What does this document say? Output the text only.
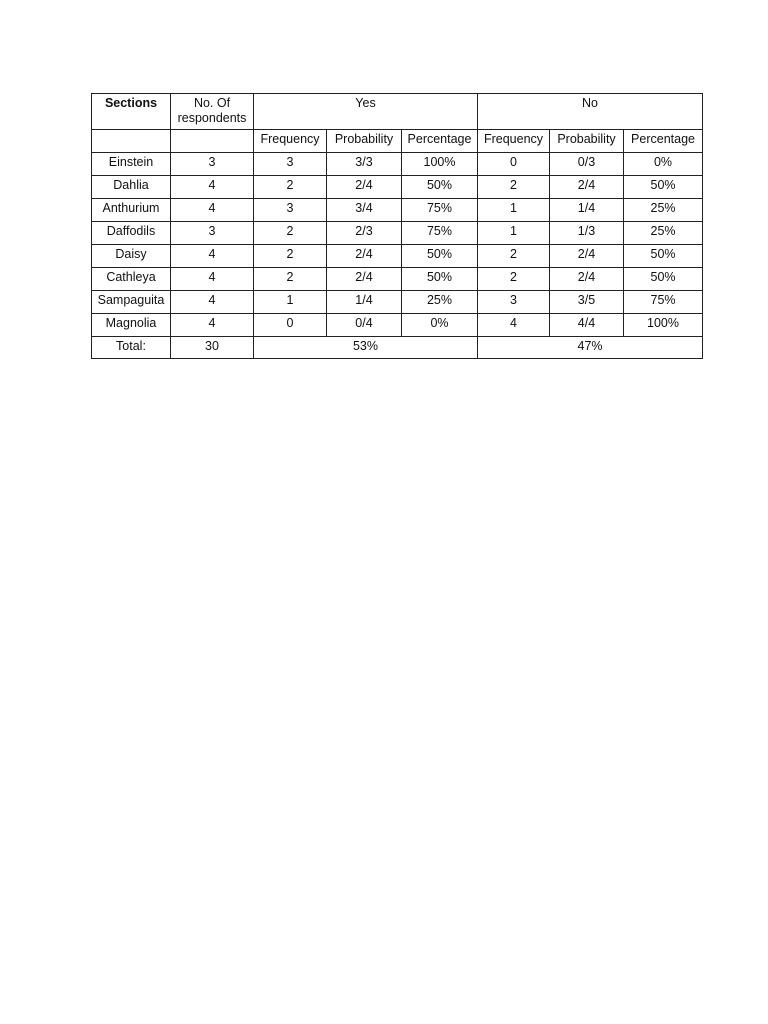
Sections	No. Of respondents	Yes			No		
		Frequency	Probability	Percentage	Frequency	Probability	Percentage
Einstein	3	3	3/3	100%	0	0/3	0%
Dahlia	4	2	2/4	50%	2	2/4	50%
Anthurium	4	3	3/4	75%	1	1/4	25%
Daffodils	3	2	2/3	75%	1	1/3	25%
Daisy	4	2	2/4	50%	2	2/4	50%
Cathleya	4	2	2/4	50%	2	2/4	50%
Sampaguita	4	1	1/4	25%	3	3/5	75%
Magnolia	4	0	0/4	0%	4	4/4	100%
Total:	30	53%			47%		
